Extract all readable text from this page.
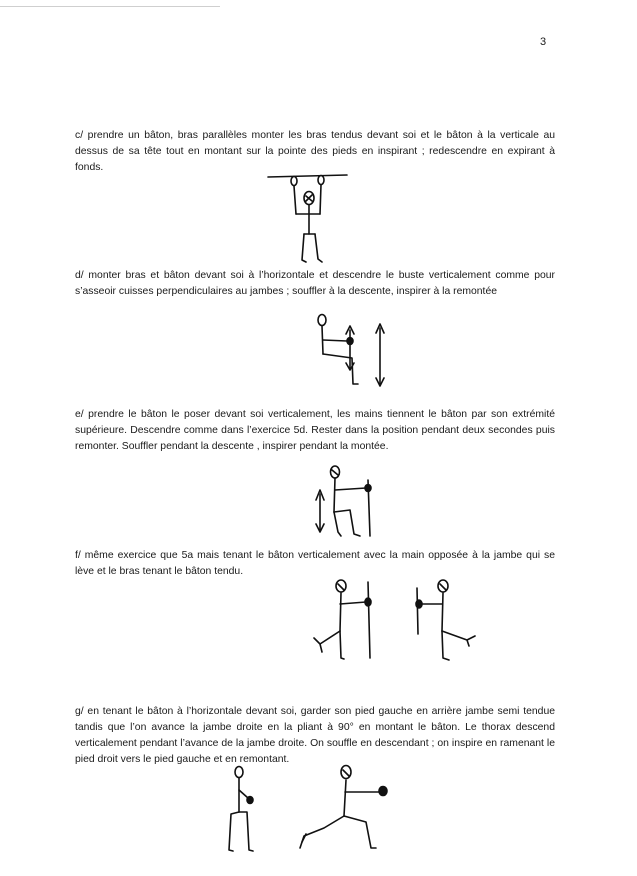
3

c/ prendre un bâton, bras parallèles monter les bras tendus devant soi et le bâton à la verticale au dessus de sa tête tout en montant sur la pointe des pieds en inspirant ; redescendre en expirant à fonds.

d/ monter bras et bâton devant soi à l’horizontale et descendre le buste verticalement comme pour s’asseoir cuisses perpendiculaires au jambes ; souffler à la descente, inspirer à la remontée

e/ prendre le bâton le poser devant soi verticalement, les mains tiennent le bâton par son extrémité supérieure. Descendre comme dans l’exercice 5d. Rester dans la position pendant deux secondes puis remonter. Souffler pendant la descente , inspirer pendant la montée.

f/ même exercice que 5a mais tenant le bâton verticalement avec la main opposée à la jambe qui se lève et le bras tenant le bâton tendu.

g/ en tenant le bâton à l’horizontale devant soi, garder son pied gauche en arrière jambe semi tendue tandis que l’on avance la jambe droite en la pliant à 90° en montant le bâton. Le thorax descend verticalement pendant l’avance de la jambe droite. On souffle en descendant ; on inspire en ramenant le pied droit vers le pied gauche et en remontant.
